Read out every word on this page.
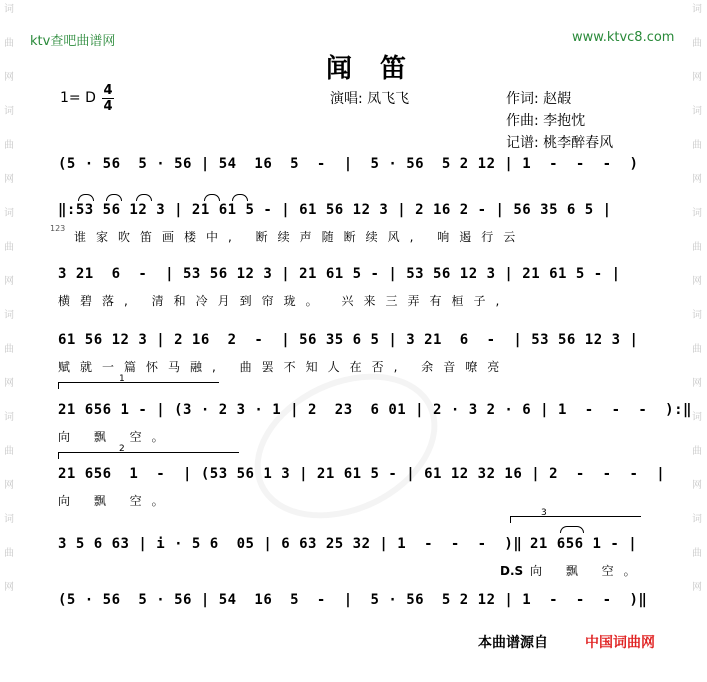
词
曲
网
词
曲
网
词
曲
网
词
曲
网
词
曲
网
词
曲
网
词
曲
网
词
曲
网
词
曲
网
词
曲
网
词
曲
网
词
曲
网
ktv查吧曲谱网	www.ktvc8.com
闻笛
1= D 4
4	演唱: 凤飞飞	作词: 赵嘏
作曲: 李抱忱
记谱: 桃李醉春风
(5 · 56  5 · 56 | 54  16  5  -  |  5 · 56  5 2 12 | 1  -  -  -  )
‖:53 56 12 3 | 21 61 5 - | 61 56 12 3 | 2 16 2 - | 56 35 6 5 |
123
谁家吹笛画楼中, 断续声随断续风, 响遏行云
3 21  6  -  | 53 56 12 3 | 21 61 5 - | 53 56 12 3 | 21 61 5 - |
横碧落, 清和冷月到帘珑。 兴来三弄有桓子,
61 56 12 3 | 2 16  2  -  | 56 35 6 5 | 3 21  6  -  | 53 56 12 3 |
赋就一篇怀马融, 曲罢不知人在否, 余音嘹亮
1
21 656 1 - | (3 · 2 3 · 1 | 2  23  6 01 | 2 · 3 2 · 6 | 1  -  -  -  ):‖
向 飘 空。
2
21 656  1  -  | (53 56 1 3 | 21 61 5 - | 61 12 32 16 | 2  -  -  -  |
向 飘 空。
3 5 6 63 | i · 5 6  05 | 6 63 25 32 | 1  -  -  -  )‖
3
21 656 1 - |
D.S 向 飘 空。
(5 · 56  5 · 56 | 54  16  5  -  |  5 · 56  5 2 12 | 1  -  -  -  )‖
本曲谱源自	中国词曲网
